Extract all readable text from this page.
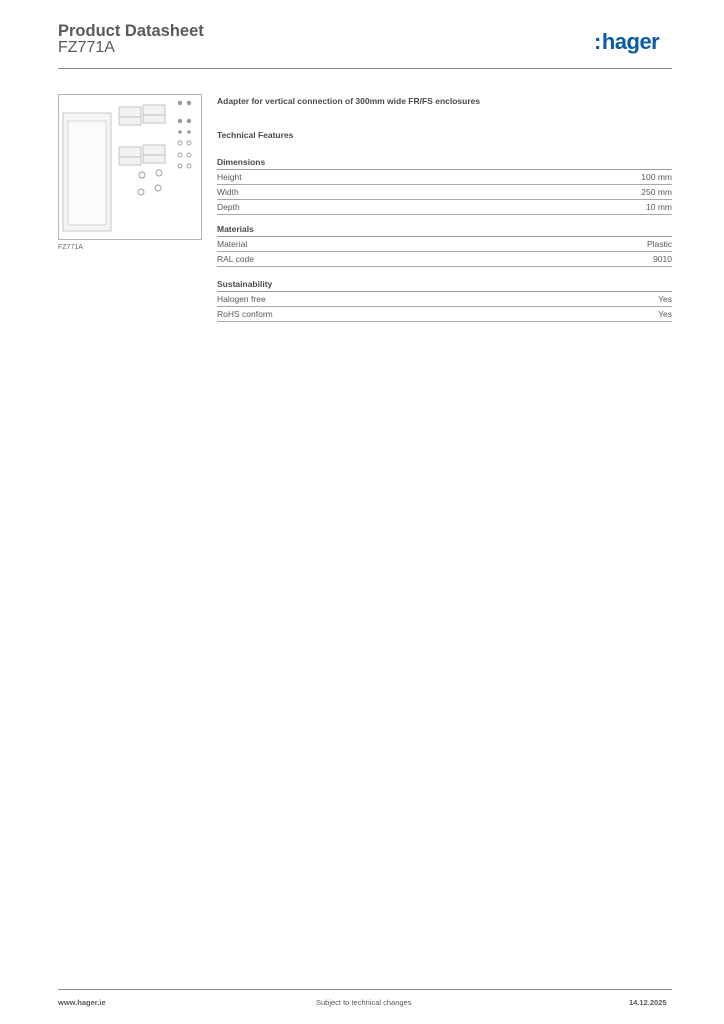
Product Datasheet
FZ771A	:hager
FZ771A
Adapter for vertical connection of 300mm wide FR/FS enclosures
Technical Features
Dimensions
Height	100 mm
Width	250 mm
Depth	10 mm
Materials
Material	Plastic
RAL code	9010
Sustainability
Halogen free	Yes
RoHS conform	Yes
www.hager.ie	Subject to technical changes	14.12.2025
